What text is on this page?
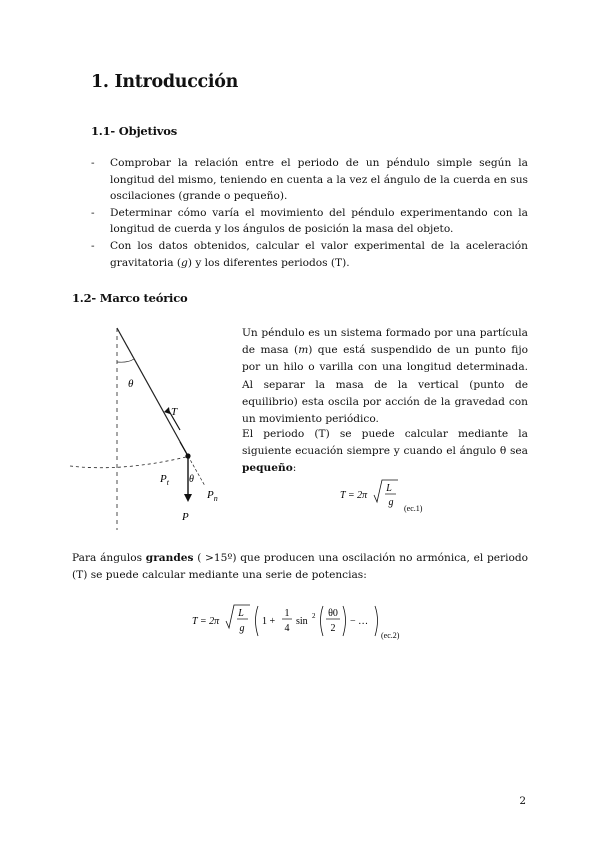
1. Introducción
1.1- Objetivos
- Comprobar la relación entre el periodo de un péndulo simple según la longitud del mismo, teniendo en cuenta a la vez el ángulo de la cuerda en sus oscilaciones (grande o pequeño).
- Determinar cómo varía el movimiento del péndulo experimentando con la longitud de cuerda y los ángulos de posición la masa del objeto.
- Con los datos obtenidos, calcular el valor experimental de la aceleración gravitatoria (g) y los diferentes periodos (T).
1.2- Marco teórico
θ
T
$P_t$ θ
$P_n$
P

Un péndulo es un sistema formado por una partícula de masa (m) que está suspendido de un punto fijo por un hilo o varilla con una longitud determinada. Al separar la masa de la vertical (punto de equilibrio) esta oscila por acción de la gravedad con un movimiento periódico.

El periodo (T) se puede calcular mediante la siguiente ecuación siempre y cuando el ángulo θ sea pequeño:

T = 2π
L
g
(ec.1)

Para ángulos grandes ( >15º) que producen una oscilación no armónica, el periodo (T) se puede calcular mediante una serie de potencias:

T = 2π
L
g
1 +
1
4
sin 2 θ0
2
− …
(ec.2)
2
